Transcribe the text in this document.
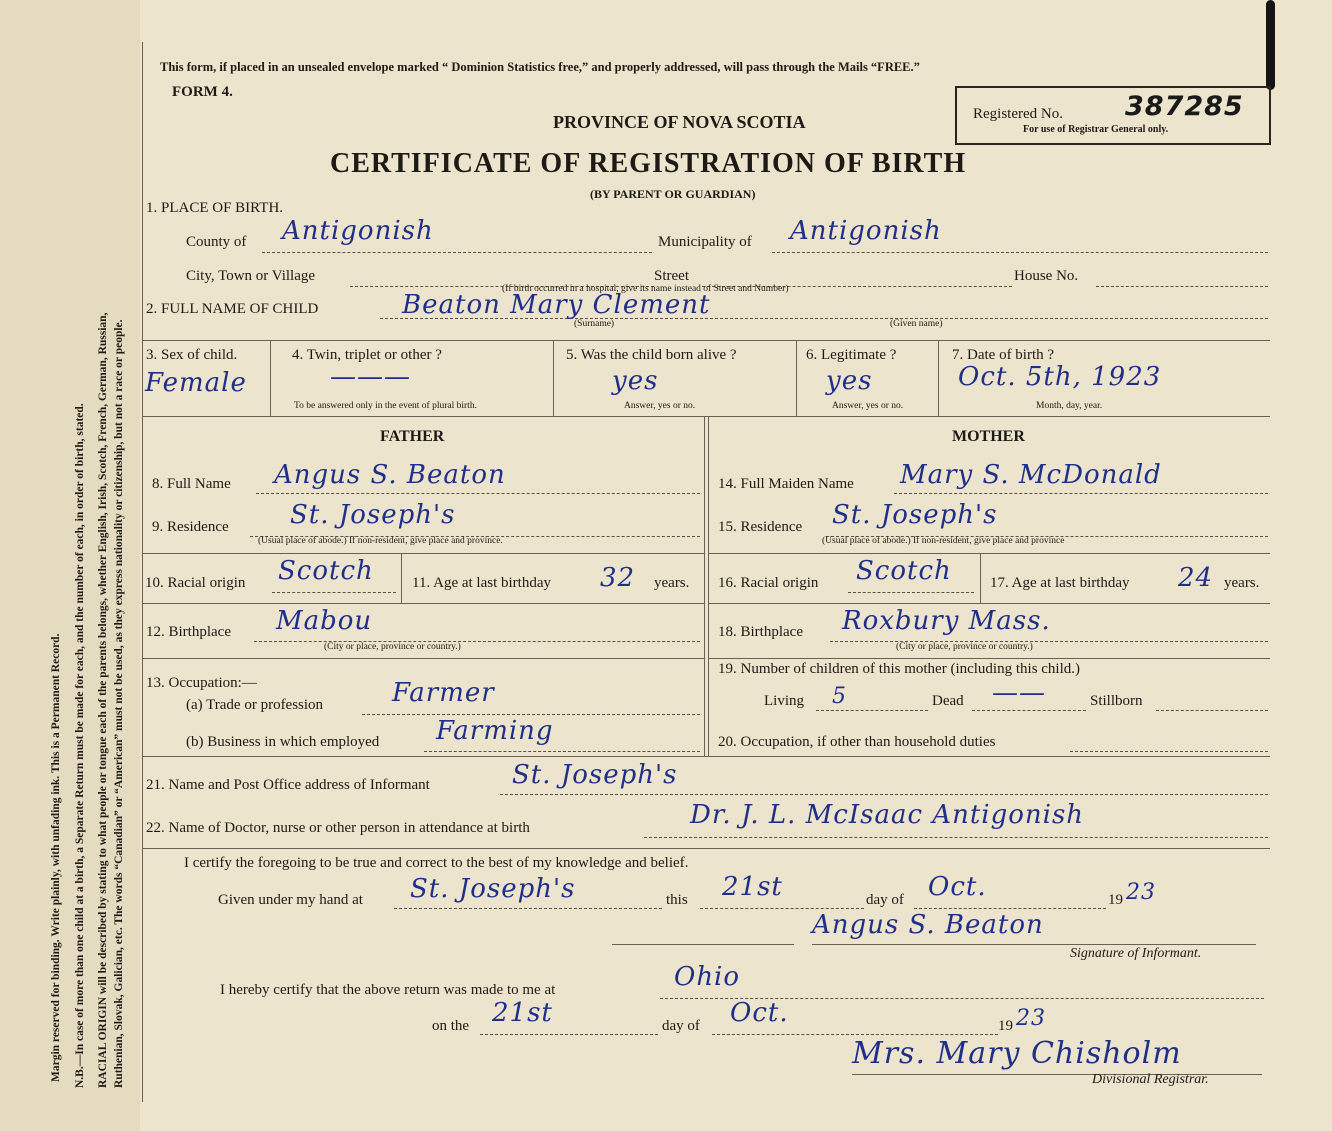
Margin reserved for binding. Write plainly, with unfading ink. This is a Permanent Record. N.B.—In case of more than one child at a birth, a Separate Return must be made for each, and the number of each, in order of birth, stated. RACIAL ORIGIN will be described by stating to what people or tongue each of the parents belongs, whether English, Irish, Scotch, French, German, Russian, Ruthenian, Slovak, Galician, etc. The words “Canadian” or “American” must not be used, as they express nationality or citizenship, but not a race or people.
This form, if placed in an unsealed envelope marked “ Dominion Statistics free,” and properly addressed, will pass through the Mails “FREE.”
FORM 4.
PROVINCE OF NOVA SCOTIA
CERTIFICATE OF REGISTRATION OF BIRTH
(BY PARENT OR GUARDIAN)
Registered No. 387285
For use of Registrar General only.
1. PLACE OF BIRTH.
County of Antigonish	Municipality of Antigonish
City, Town or Village	Street	House No.
(If birth occurred in a hospital, give its name instead of Street and Number)
2. FULL NAME OF CHILD	Beaton Mary Clement
(Surname)	(Given name)
3. Sex of child.
Female
4. Twin, triplet or other ?
———
To be answered only in the event of plural birth.
5. Was the child born alive ?
yes
Answer, yes or no.
6. Legitimate ?
yes
Answer, yes or no.
7. Date of birth ?
Oct. 5th, 1923
Month, day, year.
FATHER	MOTHER
8. Full Name Angus S. Beaton
9. Residence St. Joseph's
(Usual place of abode.) If non-resident, give place and province.
10. Racial origin Scotch	11. Age at last birthday 32 years.
12. Birthplace Mabou
(City or place, province or country.)
13. Occupation:—
(a) Trade or profession	Farmer
(b) Business in which employed Farming
14. Full Maiden Name Mary S. McDonald
15. Residence St. Joseph's
(Usual place of abode.) If non-resident, give place and province
16. Racial origin Scotch	17. Age at last birthday 24 years.
18. Birthplace Roxbury Mass.
(City or place, province or country.)
19. Number of children of this mother (including this child.)
Living 5	Dead ——	Stillborn
20. Occupation, if other than household duties
21. Name and Post Office address of Informant	St. Joseph's
22. Name of Doctor, nurse or other person in attendance at birth	Dr. J. L. McIsaac Antigonish
I certify the foregoing to be true and correct to the best of my knowledge and belief.
Given under my hand at St. Joseph's	this 21st	day of Oct.	19 23
Angus S. Beaton
Signature of Informant.
I hereby certify that the above return was made to me at	Ohio
on the 21st	day of Oct.	19 23
Mrs. Mary Chisholm
Divisional Registrar.
